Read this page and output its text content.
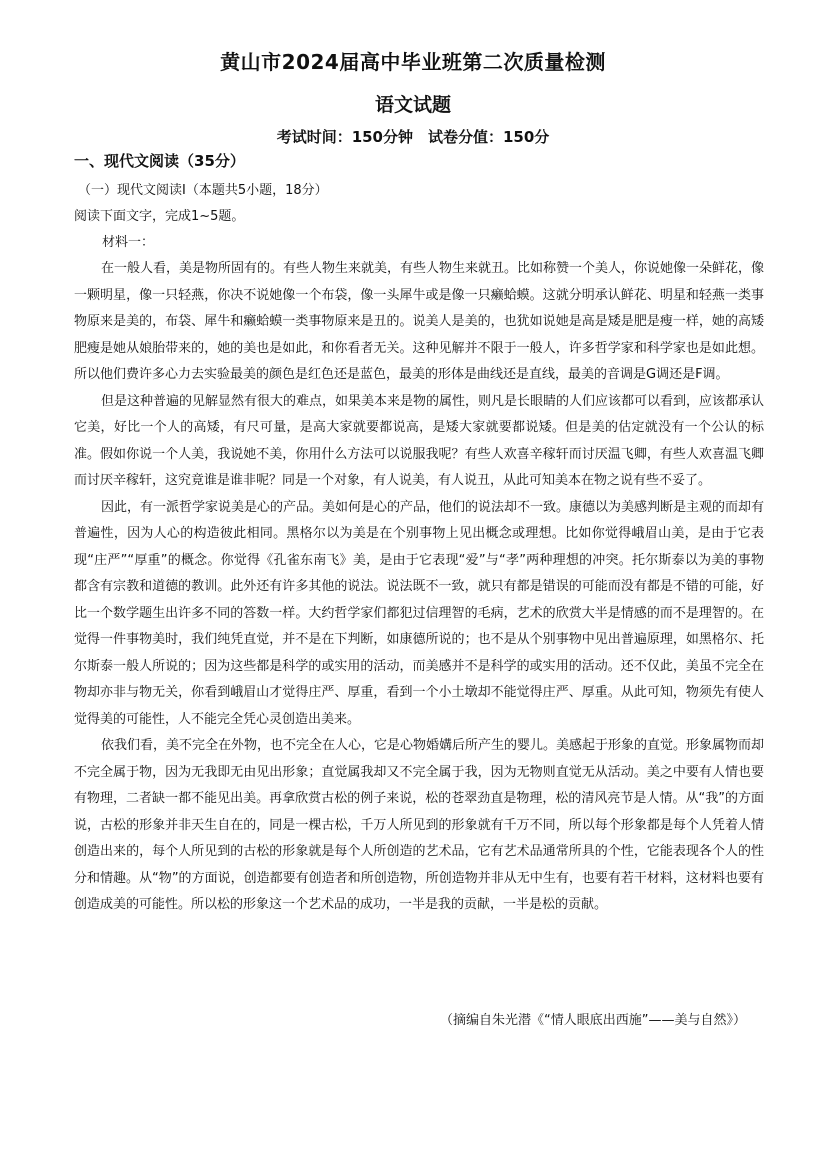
黄山市2024届高中毕业班第二次质量检测
语文试题
考试时间：150分钟　试卷分值：150分
一、现代文阅读（35分）
（一）现代文阅读Ⅰ（本题共5小题，18分）
阅读下面文字，完成1~5题。
材料一：

在一般人看，美是物所固有的。有些人物生来就美，有些人物生来就丑。比如称赞一个美人，你说她像一朵鲜花，像一颗明星，像一只轻燕，你决不说她像一个布袋，像一头犀牛或是像一只癞蛤蟆。这就分明承认鲜花、明星和轻燕一类事物原来是美的，布袋、犀牛和癞蛤蟆一类事物原来是丑的。说美人是美的，也犹如说她是高是矮是肥是瘦一样，她的高矮肥瘦是她从娘胎带来的，她的美也是如此，和你看者无关。这种见解并不限于一般人，许多哲学家和科学家也是如此想。所以他们费许多心力去实验最美的颜色是红色还是蓝色，最美的形体是曲线还是直线，最美的音调是G调还是F调。

但是这种普遍的见解显然有很大的难点，如果美本来是物的属性，则凡是长眼睛的人们应该都可以看到，应该都承认它美，好比一个人的高矮，有尺可量，是高大家就要都说高，是矮大家就要都说矮。但是美的估定就没有一个公认的标准。假如你说一个人美，我说她不美，你用什么方法可以说服我呢？有些人欢喜辛稼轩而讨厌温飞卿，有些人欢喜温飞卿而讨厌辛稼轩，这究竟谁是谁非呢？同是一个对象，有人说美，有人说丑，从此可知美本在物之说有些不妥了。

因此，有一派哲学家说美是心的产品。美如何是心的产品，他们的说法却不一致。康德以为美感判断是主观的而却有普遍性，因为人心的构造彼此相同。黑格尔以为美是在个别事物上见出概念或理想。比如你觉得峨眉山美，是由于它表现“庄严”“厚重”的概念。你觉得《孔雀东南飞》美，是由于它表现“爱”与“孝”两种理想的冲突。托尔斯泰以为美的事物都含有宗教和道德的教训。此外还有许多其他的说法。说法既不一致，就只有都是错误的可能而没有都是不错的可能，好比一个数学题生出许多不同的答数一样。大约哲学家们都犯过信理智的毛病，艺术的欣赏大半是情感的而不是理智的。在觉得一件事物美时，我们纯凭直觉，并不是在下判断，如康德所说的；也不是从个别事物中见出普遍原理，如黑格尔、托尔斯泰一般人所说的；因为这些都是科学的或实用的活动，而美感并不是科学的或实用的活动。还不仅此，美虽不完全在物却亦非与物无关，你看到峨眉山才觉得庄严、厚重，看到一个小土墩却不能觉得庄严、厚重。从此可知，物须先有使人觉得美的可能性，人不能完全凭心灵创造出美来。

依我们看，美不完全在外物，也不完全在人心，它是心物婚媾后所产生的婴儿。美感起于形象的直觉。形象属物而却不完全属于物，因为无我即无由见出形象；直觉属我却又不完全属于我，因为无物则直觉无从活动。美之中要有人情也要有物理，二者缺一都不能见出美。再拿欣赏古松的例子来说，松的苍翠劲直是物理，松的清风亮节是人情。从“我”的方面说，古松的形象并非天生自在的，同是一棵古松，千万人所见到的形象就有千万不同，所以每个形象都是每个人凭着人情创造出来的，每个人所见到的古松的形象就是每个人所创造的艺术品，它有艺术品通常所具的个性，它能表现各个人的性分和情趣。从“物”的方面说，创造都要有创造者和所创造物，所创造物并非从无中生有，也要有若干材料，这材料也要有创造成美的可能性。所以松的形象这一个艺术品的成功，一半是我的贡献，一半是松的贡献。

（摘编自朱光潜《“情人眼底出西施”——美与自然》）
